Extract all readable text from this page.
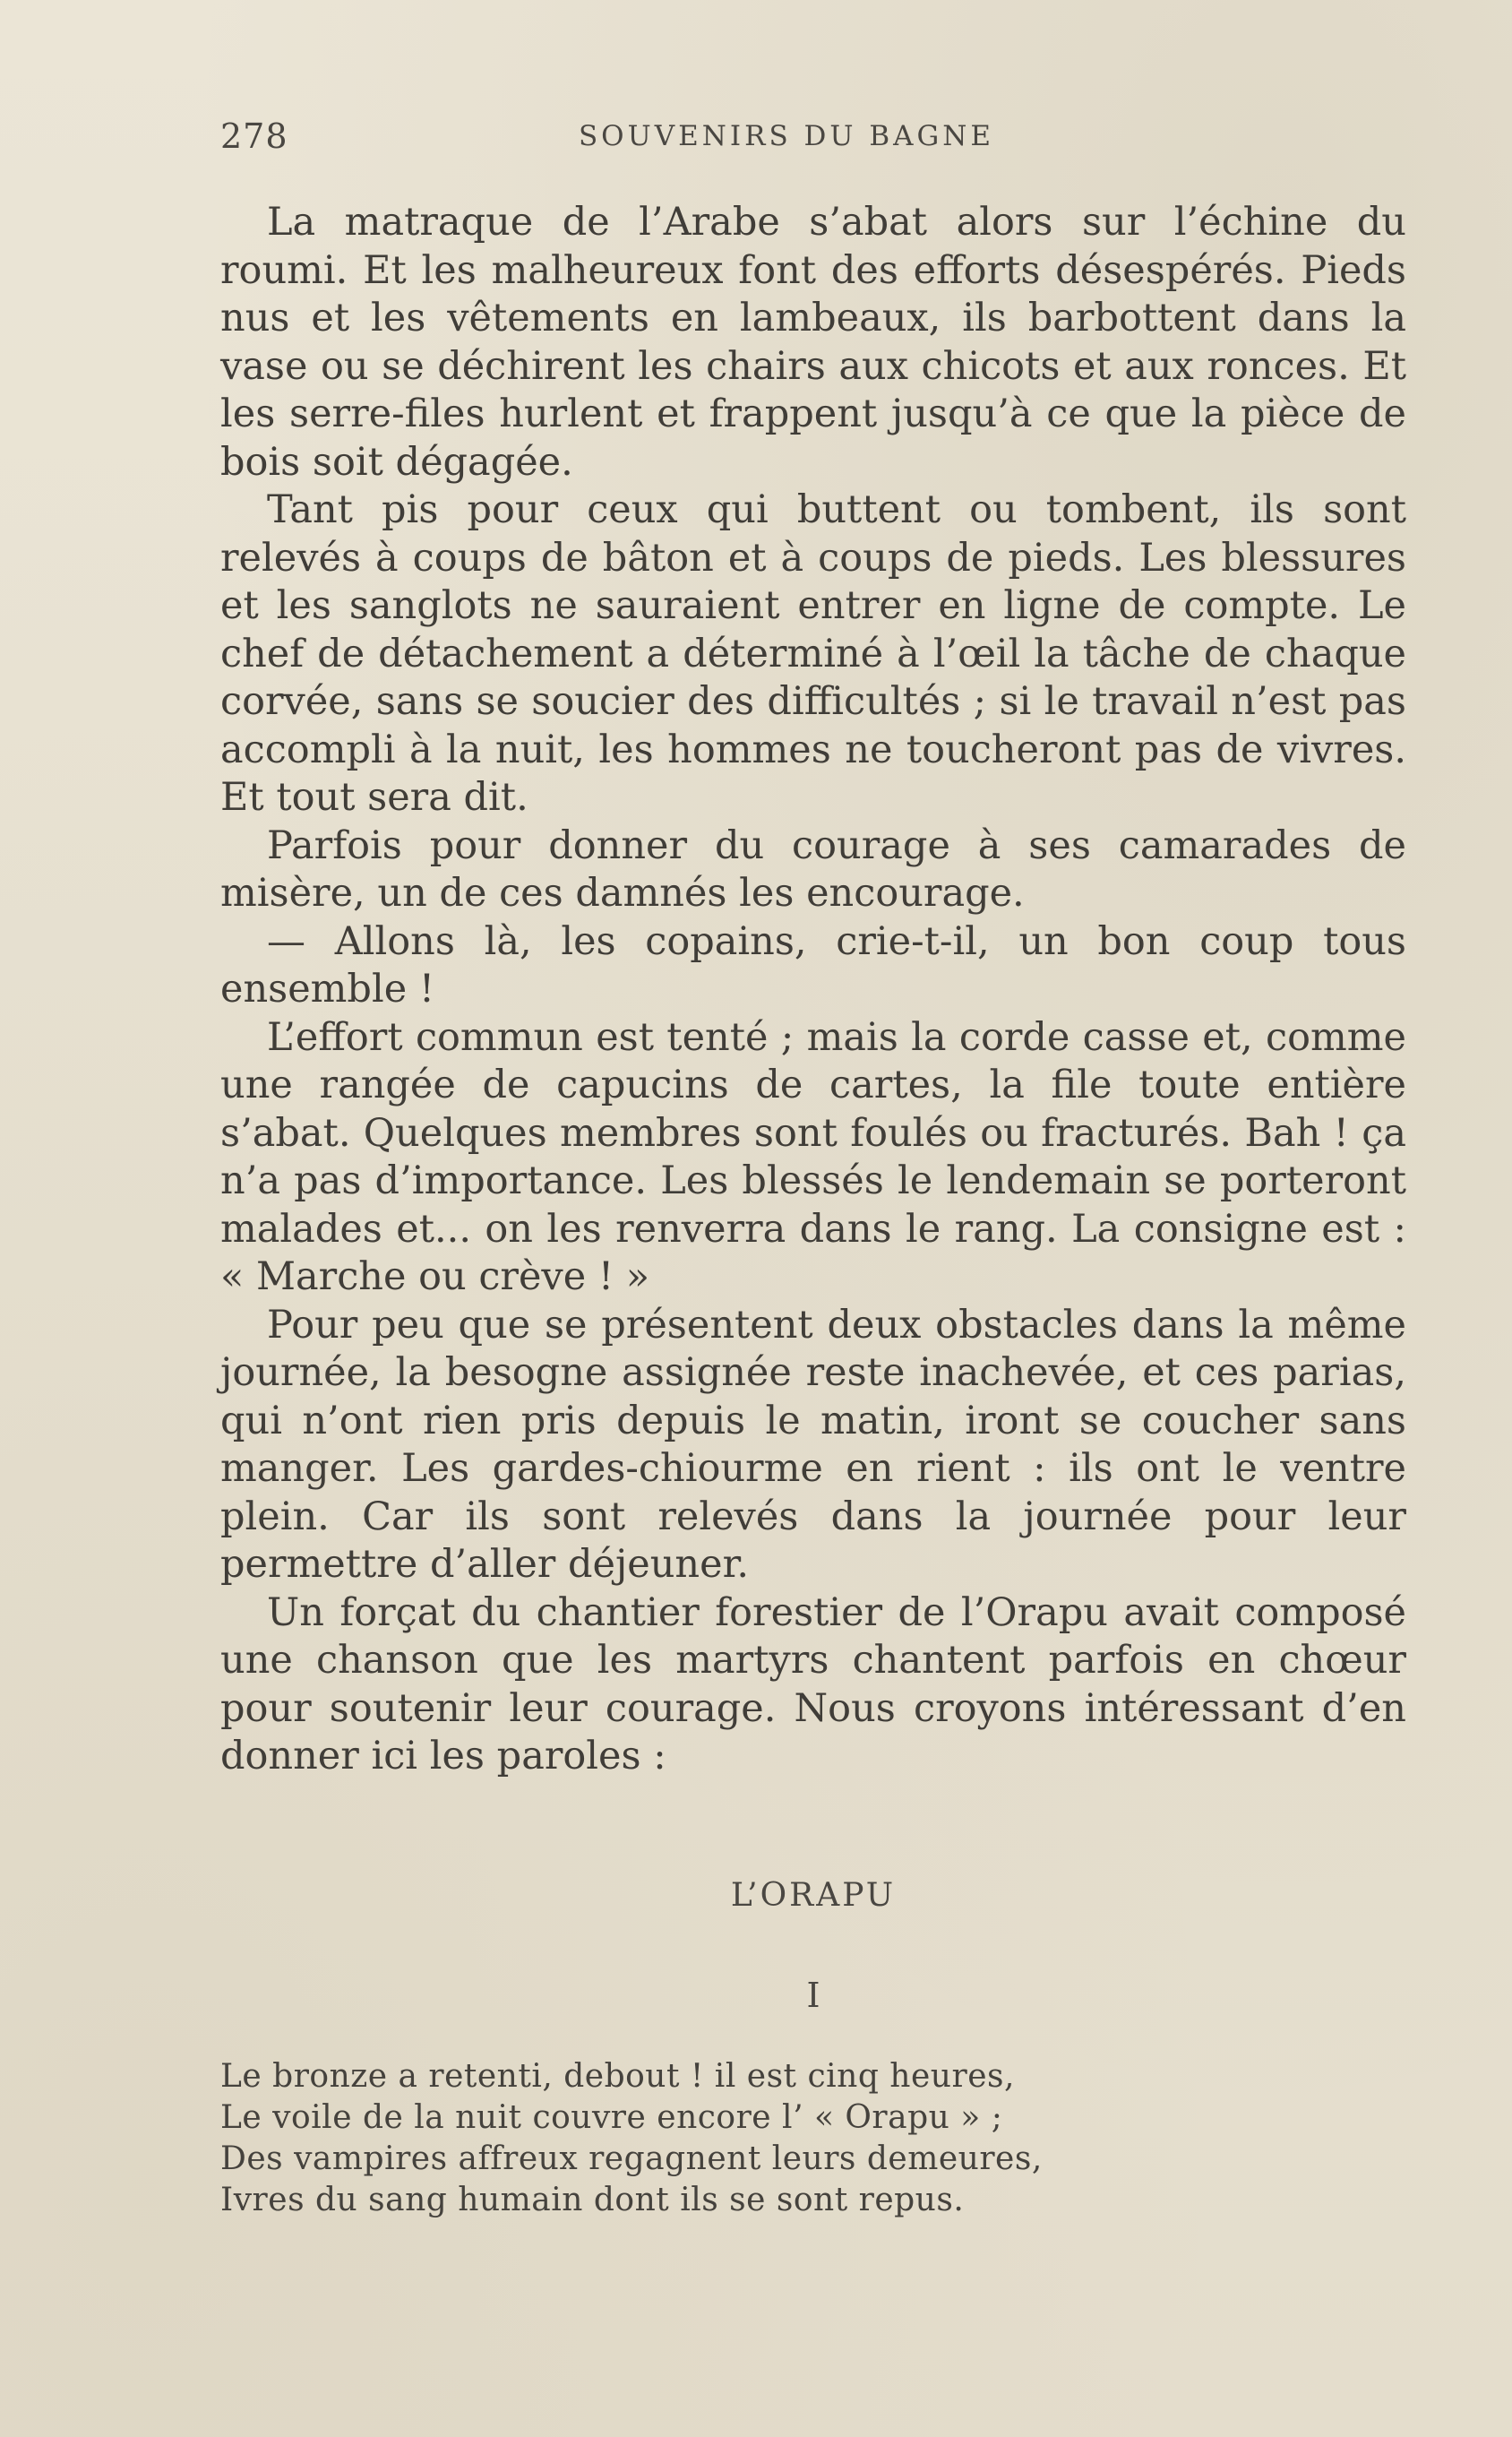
278	SOUVENIRS DU BAGNE

La matraque de l’Arabe s’abat alors sur l’échine du roumi. Et les malheureux font des efforts désespérés. Pieds nus et les vêtements en lambeaux, ils barbottent dans la vase ou se déchirent les chairs aux chicots et aux ronces. Et les serre-files hurlent et frappent jusqu’à ce que la pièce de bois soit dégagée.

Tant pis pour ceux qui buttent ou tombent, ils sont relevés à coups de bâton et à coups de pieds. Les blessures et les sanglots ne sauraient entrer en ligne de compte. Le chef de détachement a déterminé à l’œil la tâche de chaque corvée, sans se soucier des difficultés ; si le travail n’est pas accompli à la nuit, les hommes ne toucheront pas de vivres. Et tout sera dit.

Parfois pour donner du courage à ses camarades de misère, un de ces damnés les encourage.

— Allons là, les copains, crie-t-il, un bon coup tous ensemble !

L’effort commun est tenté ; mais la corde casse et, comme une rangée de capucins de cartes, la file toute entière s’abat. Quelques membres sont foulés ou fracturés. Bah ! ça n’a pas d’importance. Les blessés le lendemain se porteront malades et... on les renverra dans le rang. La consigne est : « Marche ou crève ! »

Pour peu que se présentent deux obstacles dans la même journée, la besogne assignée reste inachevée, et ces parias, qui n’ont rien pris depuis le matin, iront se coucher sans manger. Les gardes-chiourme en rient : ils ont le ventre plein. Car ils sont relevés dans la journée pour leur permettre d’aller déjeuner.

Un forçat du chantier forestier de l’Orapu avait composé une chanson que les martyrs chantent parfois en chœur pour soutenir leur courage. Nous croyons intéressant d’en donner ici les paroles :

L’ORAPU
I
Le bronze a retenti, debout ! il est cinq heures,
Le voile de la nuit couvre encore l’ « Orapu » ;
Des vampires affreux regagnent leurs demeures,
Ivres du sang humain dont ils se sont repus.
